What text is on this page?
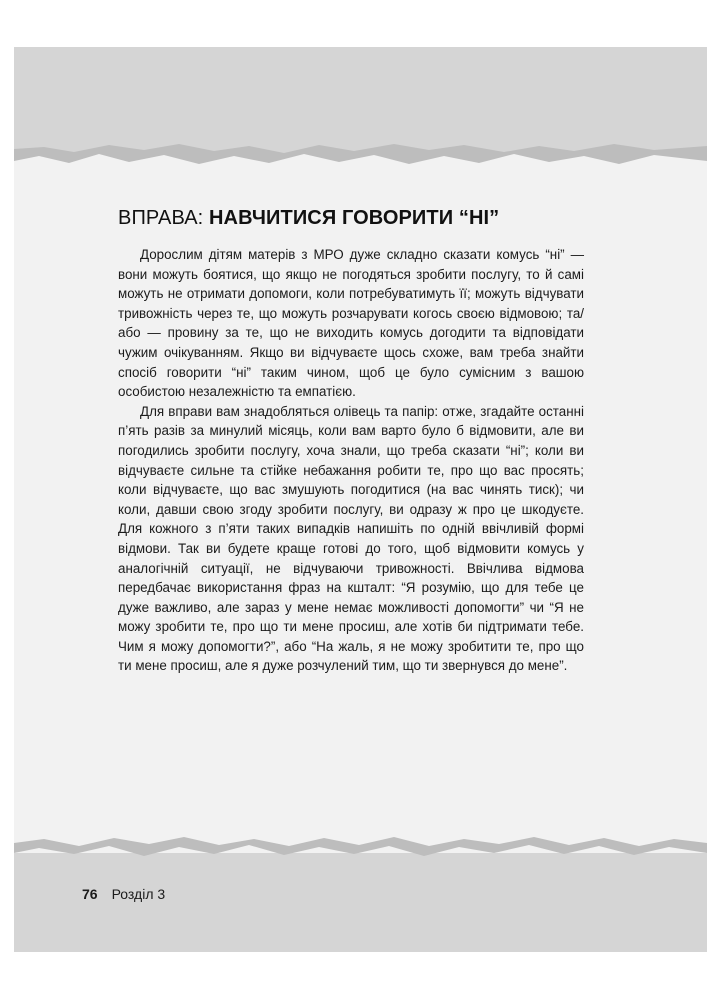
ВПРАВА: НАВЧИТИСЯ ГОВОРИТИ “НІ”

Дорослим дітям матерів з МРО дуже складно сказати комусь “ні” — вони можуть боятися, що якщо не погодяться зробити послугу, то й самі можуть не отримати допомоги, коли потребуватимуть її; можуть відчувати тривожність через те, що можуть розчарувати когось своєю відмовою; та/або — провину за те, що не виходить комусь догодити та відповідати чужим очікуванням. Якщо ви відчуваєте щось схоже, вам треба знайти спосіб говорити “ні” таким чином, щоб це було сумісним з вашою особистою незалежністю та емпатією.

Для вправи вам знадобляться олівець та папір: отже, згадайте останні п’ять разів за минулий місяць, коли вам варто було б відмовити, але ви погодились зробити послугу, хоча знали, що треба сказати “ні”; коли ви відчуваєте сильне та стійке небажання робити те, про що вас просять; коли відчуваєте, що вас змушують погодитися (на вас чинять тиск); чи коли, давши свою згоду зробити послугу, ви одразу ж про це шкодуєте. Для кожного з п’яти таких випадків напишіть по одній ввічливій формі відмови. Так ви будете краще готові до того, щоб відмовити комусь у аналогічній ситуації, не відчуваючи тривожності. Ввічлива відмова передбачає використання фраз на кшталт: “Я розумію, що для тебе це дуже важливо, але зараз у мене немає можливості допомогти” чи “Я не можу зробити те, про що ти мене просиш, але хотів би підтримати тебе. Чим я можу допомогти?”, або “На жаль, я не можу зробитити те, про що ти мене просиш, але я дуже розчулений тим, що ти звернувся до мене”.

76 Розділ 3
